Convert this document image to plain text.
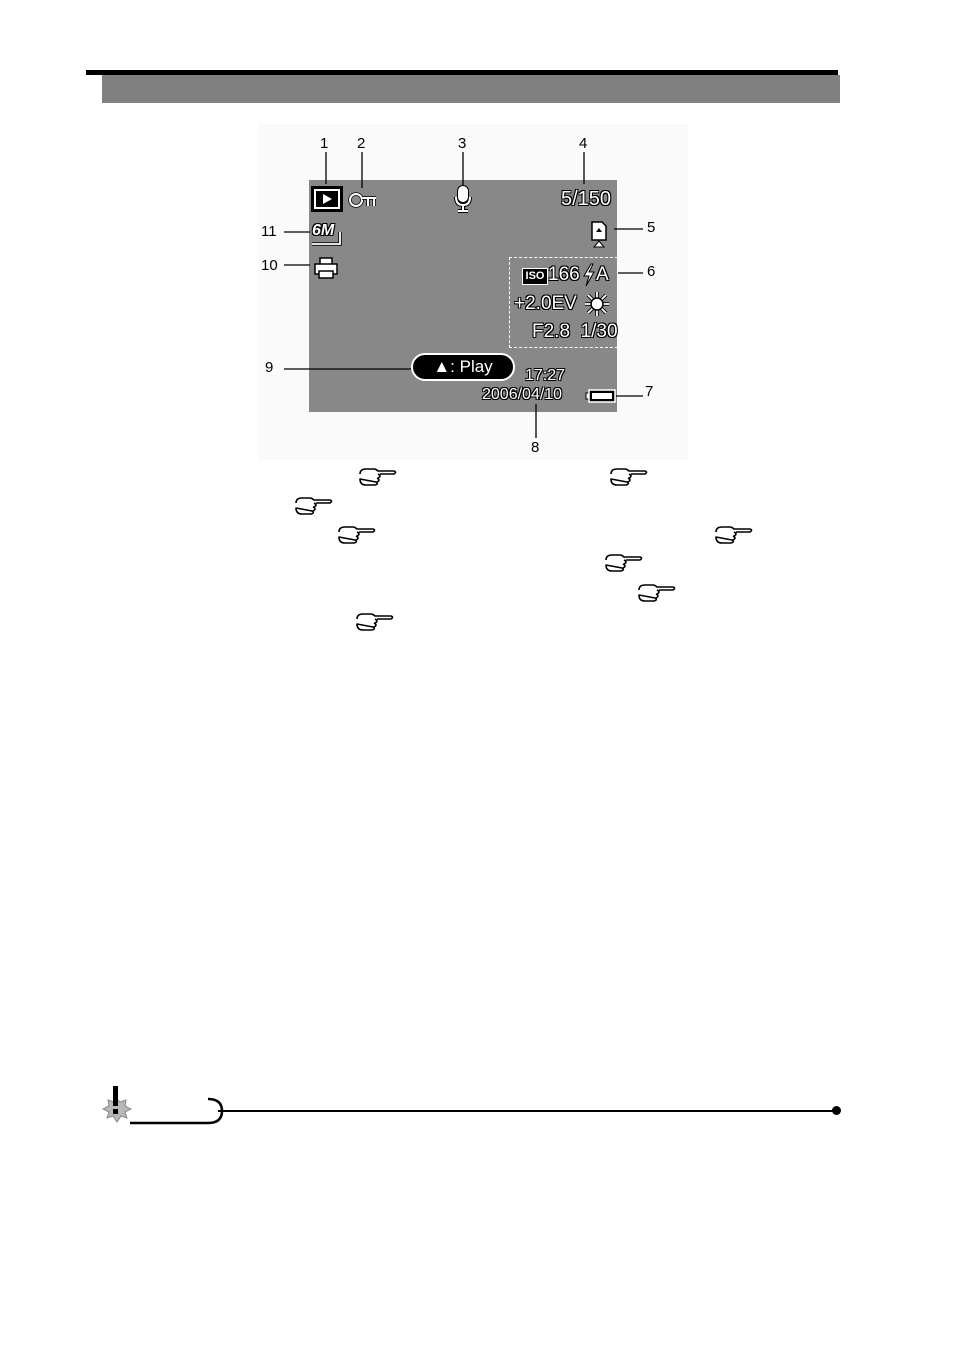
1 2	3	4
5
6
7
8
9
10
11
5/150
6M
ISO 166 A
+2.0EV
F2.8  1/30
▲: Play	17:27
2006/04/10
